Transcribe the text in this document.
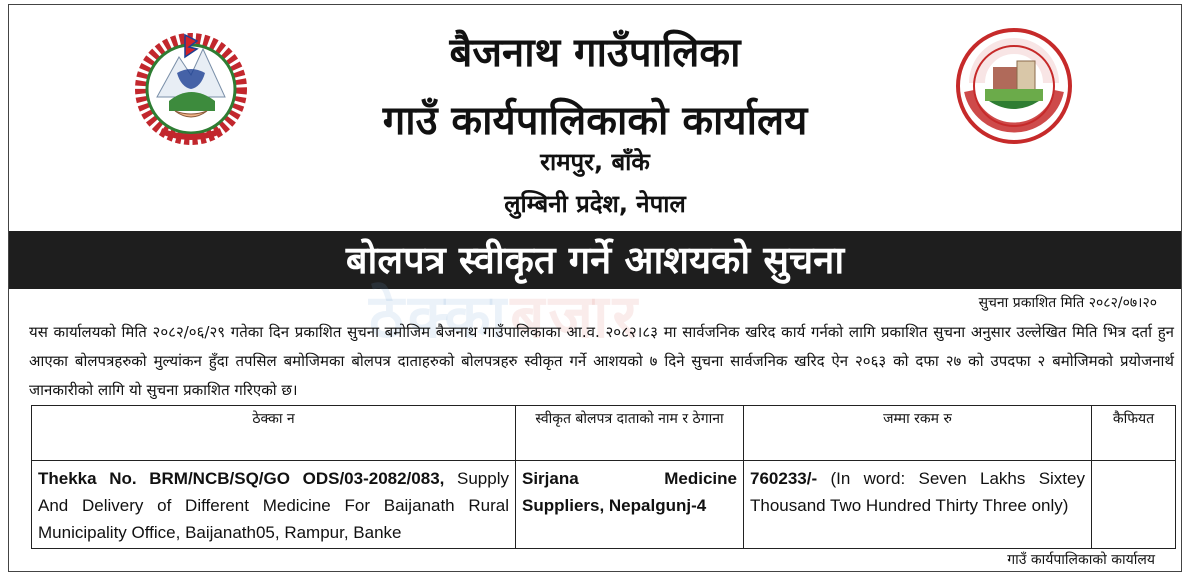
बैजनाथ गाउँपालिका
गाउँ कार्यपालिकाको कार्यालय
रामपुर, बाँके
लुम्बिनी प्रदेश, नेपाल
बोलपत्र स्वीकृत गर्ने आशयको सुचना
ठेक्काबजार	सुचना प्रकाशित मिति २०८२/०७।२०
यस कार्यालयको मिति २०८२/०६/२९ गतेका दिन प्रकाशित सुचना बमोजिम बैजनाथ गाउँपालिकाका आ.व. २०८२।८३ मा सार्वजनिक खरिद कार्य गर्नको लागि प्रकाशित सुचना अनुसार उल्लेखित मिति भित्र दर्ता हुन आएका बोलपत्रहरुको मुल्यांकन हुँदा तपसिल बमोजिमका बोलपत्र दाताहरुको बोलपत्रहरु स्वीकृत गर्ने आशयको ७ दिने सुचना सार्वजनिक खरिद ऐन २०६३ को दफा २७ को उपदफा २ बमोजिमको प्रयोजनार्थ जानकारीको लागि यो सुचना प्रकाशित गरिएको छ।
ठेक्का न	स्वीकृत बोलपत्र दाताको नाम र ठेगाना	जम्मा रकम रु	कैफियत
Thekka No. BRM/NCB/SQ/GO ODS/03-2082/083, Supply And Delivery of Different Medicine For Baijanath Rural Municipality Office, Baijanath05, Rampur, Banke	Sirjana Medicine Suppliers, Nepalgunj-4	760233/- (In word: Seven Lakhs Sixtey Thousand Two Hundred Thirty Three only)	
गाउँ कार्यपालिकाको कार्यालय
